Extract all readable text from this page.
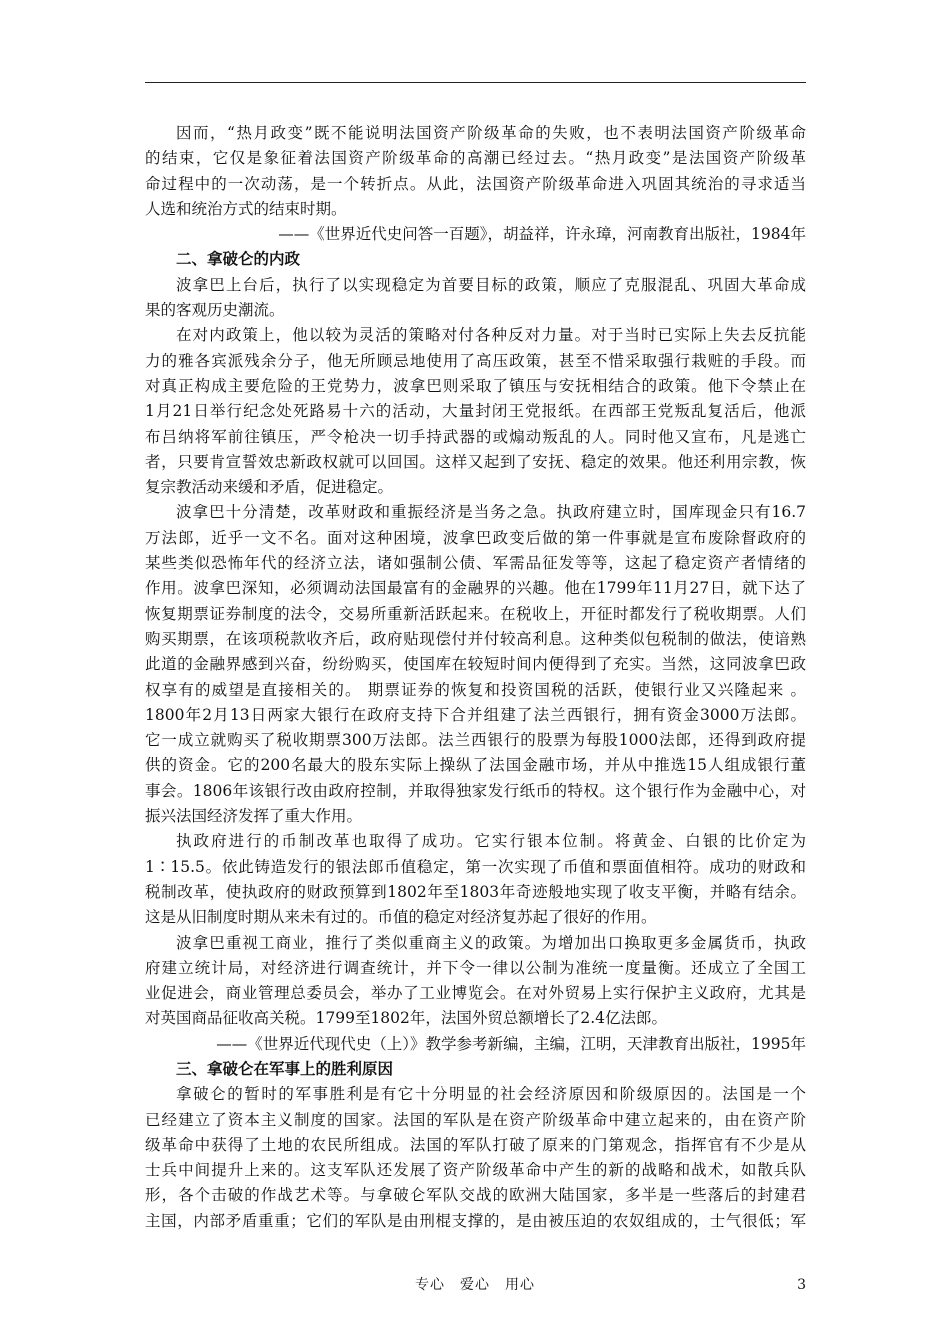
因而，“热月政变”既不能说明法国资产阶级革命的失败，也不表明法国资产阶级革命
的结束，它仅是象征着法国资产阶级革命的高潮已经过去。“热月政变”是法国资产阶级革
命过程中的一次动荡，是一个转折点。从此，法国资产阶级革命进入巩固其统治的寻求适当
人选和统治方式的结束时期。
——《世界近代史问答一百题》，胡益祥，许永璋，河南教育出版社，1984年
二、拿破仑的内政
波拿巴上台后，执行了以实现稳定为首要目标的政策，顺应了克服混乱、巩固大革命成
果的客观历史潮流。
在对内政策上，他以较为灵活的策略对付各种反对力量。对于当时已实际上失去反抗能
力的雅各宾派残余分子，他无所顾忌地使用了高压政策，甚至不惜采取强行栽赃的手段。而
对真正构成主要危险的王党势力，波拿巴则采取了镇压与安抚相结合的政策。他下令禁止在
1月21日举行纪念处死路易十六的活动，大量封闭王党报纸。在西部王党叛乱复活后，他派
布吕纳将军前往镇压，严令枪决一切手持武器的或煽动叛乱的人。同时他又宣布，凡是逃亡
者，只要肯宣誓效忠新政权就可以回国。这样又起到了安抚、稳定的效果。他还利用宗教，恢
复宗教活动来缓和矛盾，促进稳定。
波拿巴十分清楚，改革财政和重振经济是当务之急。执政府建立时，国库现金只有16.7
万法郎，近乎一文不名。面对这种困境，波拿巴政变后做的第一件事就是宣布废除督政府的
某些类似恐怖年代的经济立法，诸如强制公债、军需品征发等等，这起了稳定资产者情绪的
作用。波拿巴深知，必须调动法国最富有的金融界的兴趣。他在1799年11月27日，就下达了
恢复期票证券制度的法令，交易所重新活跃起来。在税收上，开征时都发行了税收期票。人们
购买期票，在该项税款收齐后，政府贴现偿付并付较高利息。这种类似包税制的做法，使谙熟
此道的金融界感到兴奋，纷纷购买，使国库在较短时间内便得到了充实。当然，这同波拿巴政
权享有的威望是直接相关的。 期票证券的恢复和投资国税的活跃，使银行业又兴隆起来 。
1800年2月13日两家大银行在政府支持下合并组建了法兰西银行，拥有资金3000万法郎。
它一成立就购买了税收期票300万法郎。法兰西银行的股票为每股1000法郎，还得到政府提
供的资金。它的200名最大的股东实际上操纵了法国金融市场，并从中推选15人组成银行董
事会。1806年该银行改由政府控制，并取得独家发行纸币的特权。这个银行作为金融中心，对
振兴法国经济发挥了重大作用。
执政府进行的币制改革也取得了成功。它实行银本位制。将黄金、白银的比价定为
1∶15.5。依此铸造发行的银法郎币值稳定，第一次实现了币值和票面值相符。成功的财政和
税制改革，使执政府的财政预算到1802年至1803年奇迹般地实现了收支平衡，并略有结余。
这是从旧制度时期从来未有过的。币值的稳定对经济复苏起了很好的作用。
波拿巴重视工商业，推行了类似重商主义的政策。为增加出口换取更多金属货币，执政
府建立统计局，对经济进行调查统计，并下令一律以公制为准统一度量衡。还成立了全国工
业促进会，商业管理总委员会，举办了工业博览会。在对外贸易上实行保护主义政府，尤其是
对英国商品征收高关税。1799至1802年，法国外贸总额增长了2.4亿法郎。
——《世界近代现代史（上）》教学参考新编，主编，江明，天津教育出版社，1995年
三、拿破仑在军事上的胜利原因
拿破仑的暂时的军事胜利是有它十分明显的社会经济原因和阶级原因的。法国是一个
已经建立了资本主义制度的国家。法国的军队是在资产阶级革命中建立起来的，由在资产阶
级革命中获得了土地的农民所组成。法国的军队打破了原来的门第观念，指挥官有不少是从
士兵中间提升上来的。这支军队还发展了资产阶级革命中产生的新的战略和战术，如散兵队
形，各个击破的作战艺术等。与拿破仑军队交战的欧洲大陆国家，多半是一些落后的封建君
主国，内部矛盾重重；它们的军队是由刑棍支撑的，是由被压迫的农奴组成的，士气很低；军
专心　爱心　用心	3
